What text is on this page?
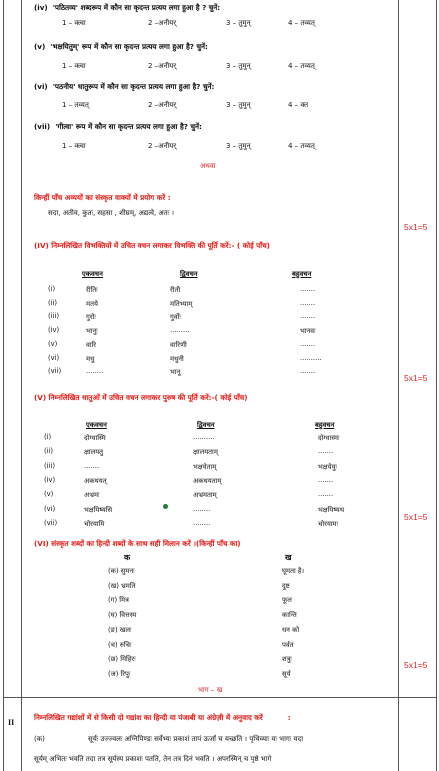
(iv) 'पठितव्य' शब्दरूप में कौन सा कृदन्त प्रत्यय लगा हुआ है ? चुनें:
1 – क्त्वा	2 –अनीयर्	3 – तुमुन्	4 – तव्यत्
(v) 'भक्षयितुम्' रूप में कौन सा कृदन्त प्रत्यय लगा हुआ है? चुनें:
1 – क्त्वा	2 –अनीयर्	3 – तुमुन्	4 – तव्यत्
(vi) 'पठनीय' धातुरूप में कौन सा कृदन्त प्रत्यय लगा हुआ है? चुनें:
1 – तव्यत्	2 –अनीयर्	3 – तुमुन्	4 – क्त
(vii) 'गीत्वा' रूप में कौन सा कृदन्त प्रत्यय लगा हुआ है? चुनें:
1 – क्त्वा	2 –अनीयर्	3 – तुमुन्	4 – तव्यत्
अथवा
किन्हीं पाँच अव्ययों का संस्कृत वाक्यों में प्रयोग करें :
सदा, अतीव, कुतः, सहसा , शीघ्रम्, अद्यत्वे, अतः ।
5x1=5
(IV) निम्नलिखित विभक्तियों में उचित वचन लगाकर विभक्ति की पूर्ति करें:- ( कोई पाँच)
एकवचन	द्विवचन	बहुवचन
(i)	रीतिः	रीती	.......
(ii)	मतये	मतिभ्याम्	.......
(iii)	गुरोः	गुर्वोः	.......
(iv)	भानुः	.........	भानवः
(v)	वारि	वारिणी	.......
(vi)	मधु	मधुनी	..........
(vii)	........	भानू	.......
5x1=5
(V) निम्नलिखित धातुओं में उचित वचन लगाकर पुरुष की पूर्ति करें:-( कोई पाँच)
एकवचन	द्विवचन	बहुवचन
(i)	दोग्धास्मि	..........	दोग्धास्मः
(ii)	क्षालयतु	क्षालयताम्	.......
(iii)	.......	भक्षयेताम्	भक्षयेयुः
(iv)	अकथयत्	अकथयताम्	.......
(v)	अभ्रमः	अभ्रमताम्	.......
(vi)	भक्षयिष्यसि	........	भक्षयिष्यथ
(vii)	चोरयामि	........	चोरयामः
5x1=5
(VI) संस्कृत शब्दों का हिन्दी शब्दों के साथ सही मिलान करें ।(किन्हीं पाँच का)
क	ख
(क) सुमनः	घूमता है।
(ख) भ्रमति	दुष्ट
(ग) मित्र	फूल
(घ) वित्तस्य	कान्ति
(ङ) खलः	धन को
(च) रुचिः	पर्वत
(छ) मिहिरः	शत्रुः
(ज) रिपुः	सूर्य
5x1=5
भाग – ख
II
निम्नलिखित गद्यांशों में से किसी दो गद्यांश का हिन्दी या पंजाबी या अंग्रेज़ी में अनुवाद करें	:
(क)	सूर्यः उज्ज्वलः अग्निपिण्डः सर्वेभ्यः प्रकाशं तापं ऊर्जां च यच्छति । पृथिव्याः यः भागः यदा
सूर्यम् अभितः भवति तदा तत्र सूर्यस्य प्रकाशः पतति, तेन तत्र दिनं भवति । अपरस्मिन् च पृष्ठे भागे
